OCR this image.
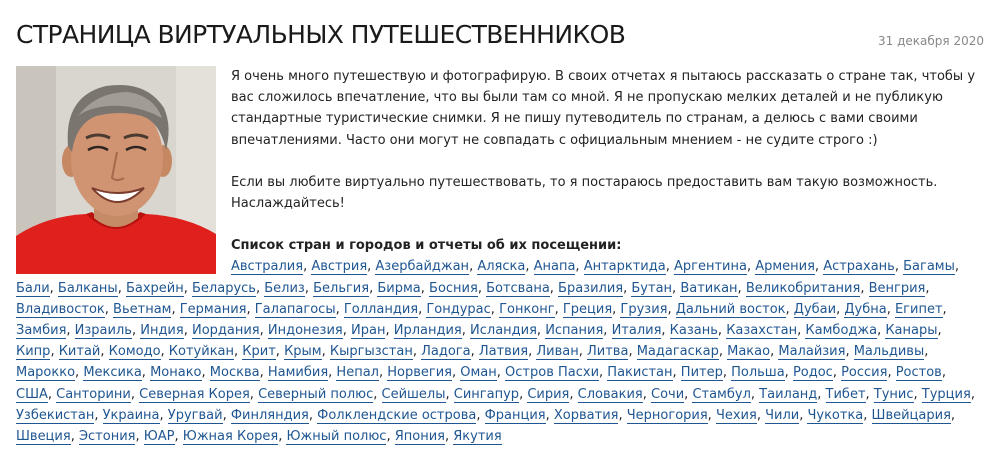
СТРАНИЦА ВИРТУАЛЬНЫХ ПУТЕШЕСТВЕННИКОВ	31 декабря 2020

Я очень много путешествую и фотографирую. В своих отчетах я пытаюсь рассказать о стране так, чтобы у вас сложилось впечатление, что вы были там со мной. Я не пропускаю мелких деталей и не публикую стандартные туристические снимки. Я не пишу путеводитель по странам, а делюсь с вами своими впечатлениями. Часто они могут не совпадать с официальным мнением - не судите строго :)

Если вы любите виртуально путешествовать, то я постараюсь предоставить вам такую возможность. Наслаждайтесь!

Список стран и городов и отчеты об их посещении:
Австралия, Австрия, Азербайджан, Аляска, Анапа, Антарктида, Аргентина, Армения, Астрахань, Багамы, Бали, Балканы, Бахрейн, Беларусь, Белиз, Бельгия, Бирма, Босния, Ботсвана, Бразилия, Бутан, Ватикан, Великобритания, Венгрия, Владивосток, Вьетнам, Германия, Галапагосы, Голландия, Гондурас, Гонконг, Греция, Грузия, Дальний восток, Дубаи, Дубна, Египет, Замбия, Израиль, Индия, Иордания, Индонезия, Иран, Ирландия, Исландия, Испания, Италия, Казань, Казахстан, Камбоджа, Канары, Кипр, Китай, Комодо, Котуйкан, Крит, Крым, Кыргызстан, Ладога, Латвия, Ливан, Литва, Мадагаскар, Макао, Малайзия, Мальдивы, Марокко, Мексика, Монако, Москва, Намибия, Непал, Норвегия, Оман, Остров Пасхи, Пакистан, Питер, Польша, Родос, Россия, Ростов, США, Санторини, Северная Корея, Северный полюс, Сейшелы, Сингапур, Сирия, Словакия, Сочи, Стамбул, Таиланд, Тибет, Тунис, Турция, Узбекистан, Украина, Уругвай, Финляндия, Фолклендские острова, Франция, Хорватия, Черногория, Чехия, Чили, Чукотка, Швейцария, Швеция, Эстония, ЮАР, Южная Корея, Южный полюс, Япония, Якутия
